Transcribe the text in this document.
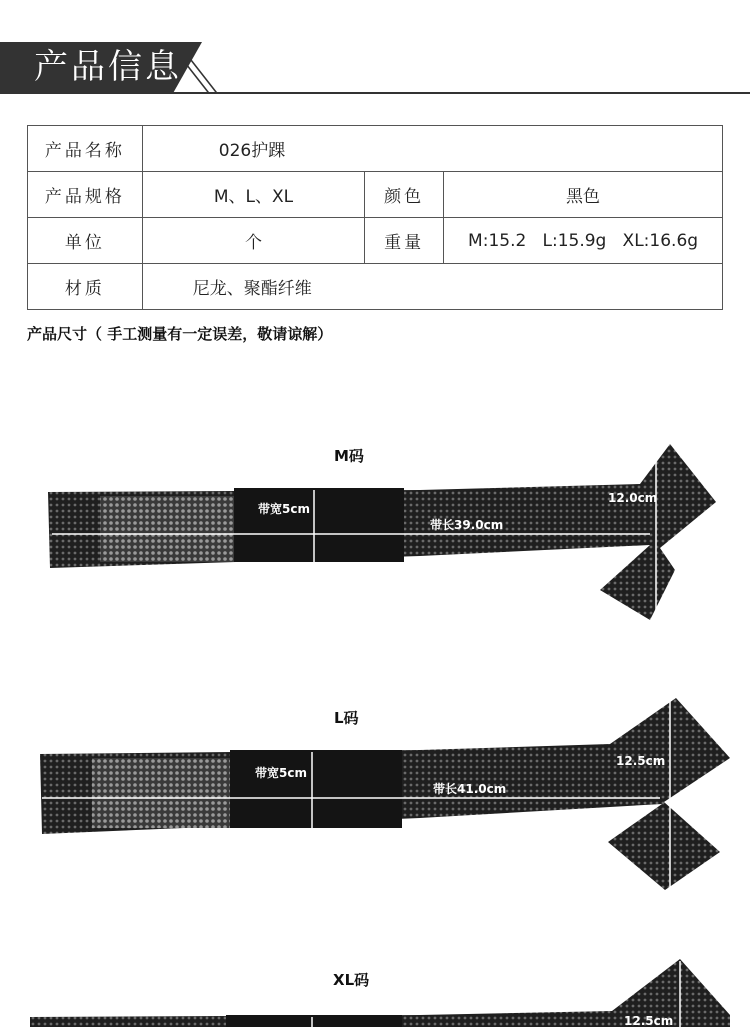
产品信息
产品名称	026护踝		
产品规格	M、L、XL	颜色	黑色
单位	个	重量	M:15.2   L:15.9g   XL:16.6g
材质	尼龙、聚酯纤维		
产品尺寸（ 手工测量有一定误差，敬请谅解）
M码
带宽5cm
带长39.0cm
12.0cm
L码
带宽5cm
带长41.0cm
12.5cm
XL码
12.5cm
